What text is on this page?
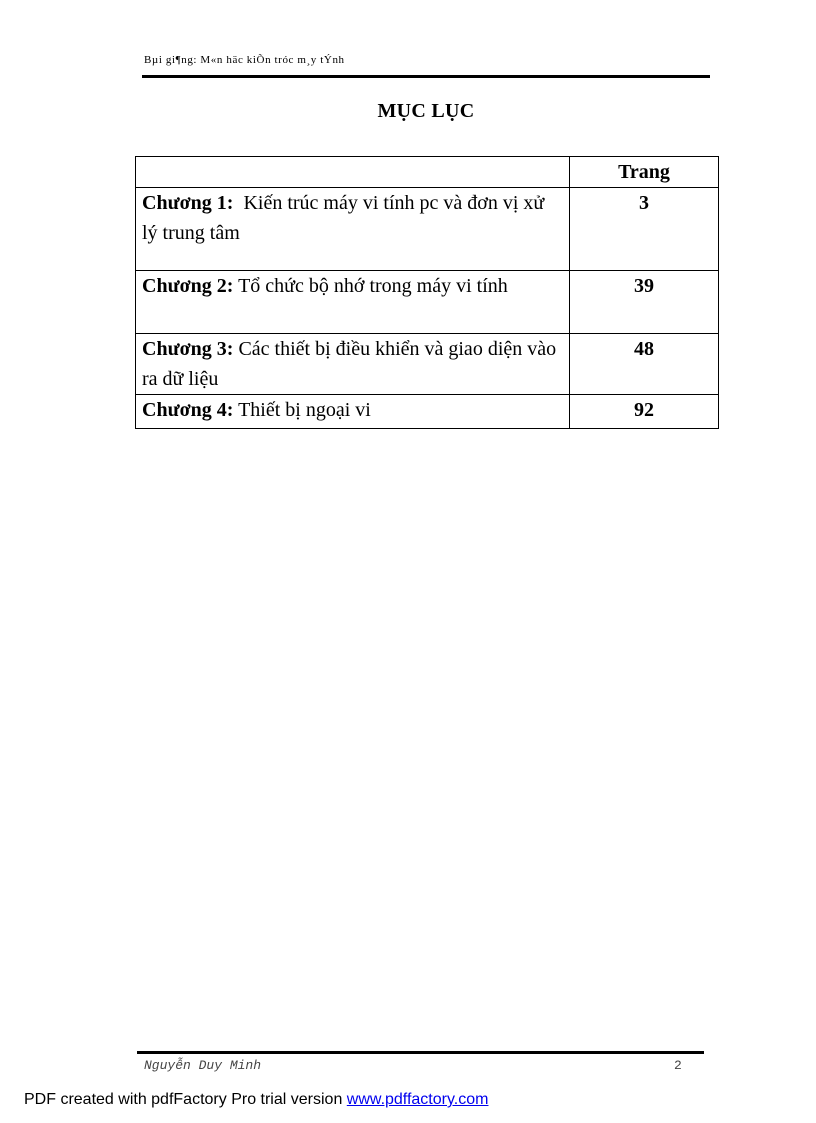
Bµi gi¶ng: M«n häc kiÕn tróc m¸y tÝnh
MỤC LỤC
	Trang
Chương 1: Kiến trúc máy vi tính pc và đơn vị xử lý trung tâm	3
Chương 2: Tổ chức bộ nhớ trong máy vi tính	39
Chương 3: Các thiết bị điều khiển và giao diện vào ra dữ liệu	48
Chương 4: Thiết bị ngoại vi	92
Nguyễn Duy Minh	2
PDF created with pdfFactory Pro trial version www.pdffactory.com
